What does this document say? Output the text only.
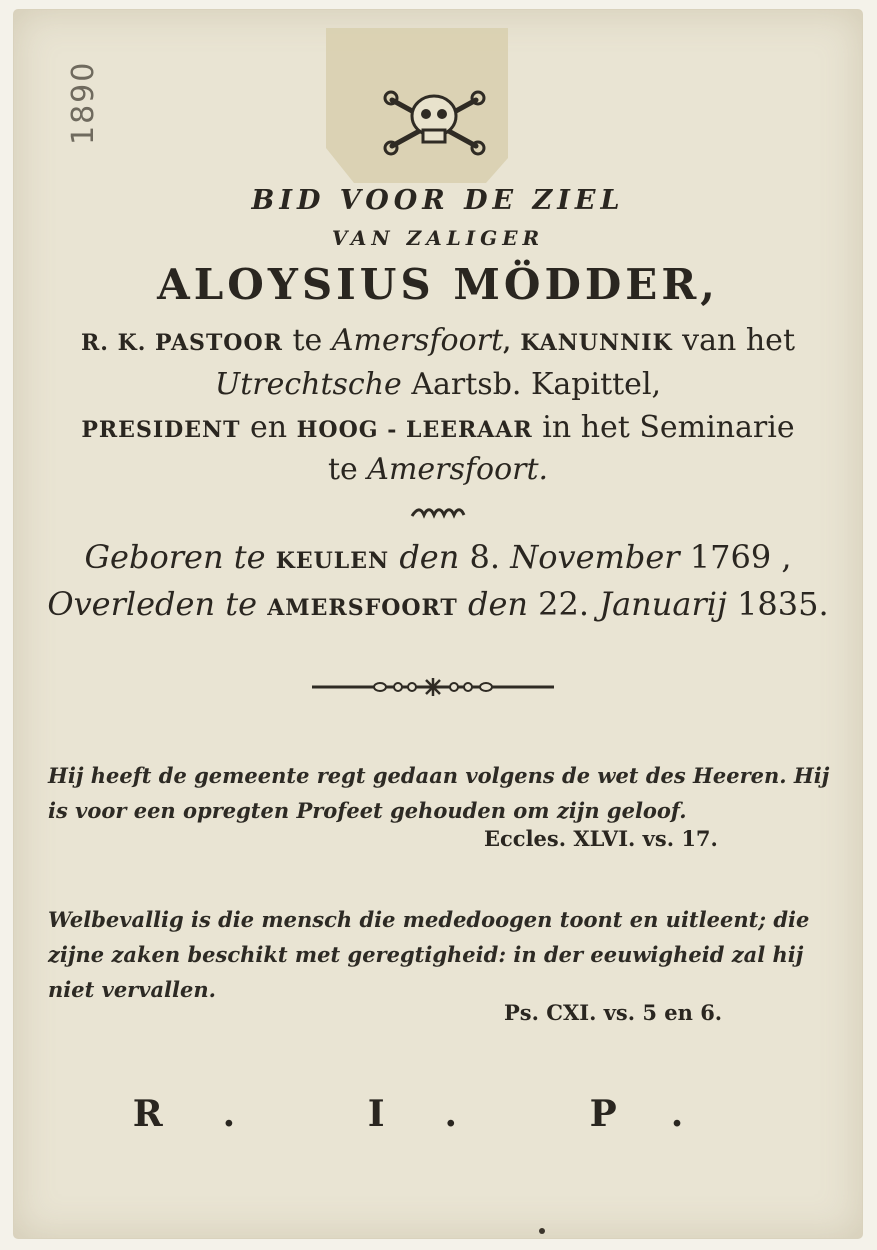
1890
BID VOOR DE ZIEL
VAN ZALIGER
ALOYSIUS MÖDDER,
R. K. PASTOOR te Amersfoort, KANUNNIK van het
Utrechtsche Aartsb. Kapittel,
PRESIDENT en HOOG - LEERAAR in het Seminarie
te Amersfoort.
Geboren te KEULEN den 8. November 1769 ,
Overleden te AMERSFOORT den 22. Januarij 1835.
Hij heeft de gemeente regt gedaan volgens de wet des Heeren. Hij is voor een opregten Profeet gehouden om zijn geloof.
Eccles. XLVI. vs. 17.
Welbevallig is die mensch die mededoogen toont en uitleent; die zijne zaken beschikt met geregtigheid: in der eeuwigheid zal hij niet vervallen.
Ps. CXI. vs. 5 en 6.
R. I. P.
